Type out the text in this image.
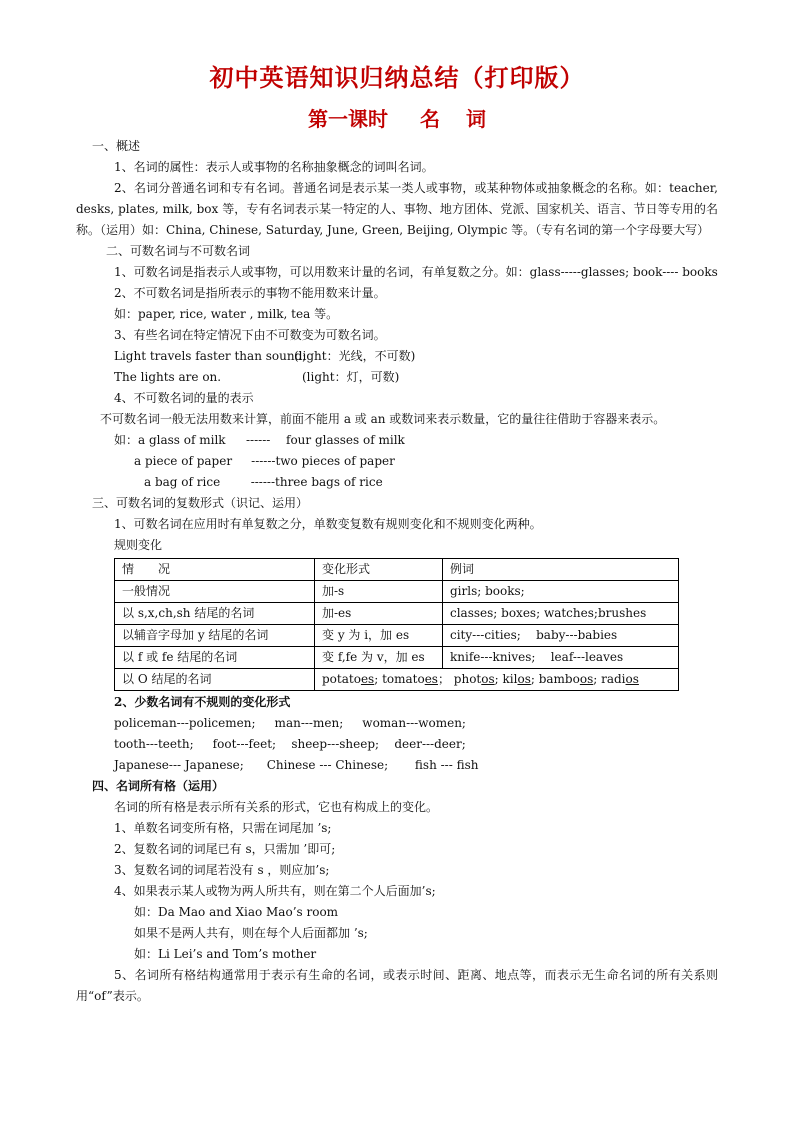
初中英语知识归纳总结（打印版）
第一课时 名 词

一、概述

1、名词的属性：表示人或事物的名称抽象概念的词叫名词。

2、名词分普通名词和专有名词。普通名词是表示某一类人或事物，或某种物体或抽象概念的名称。如：teacher, desks, plates, milk, box 等，专有名词表示某一特定的人、事物、地方团体、党派、国家机关、语言、节日等专用的名称。（运用）如：China, Chinese, Saturday, June, Green, Beijing, Olympic 等。（专有名词的第一个字母要大写）

二、可数名词与不可数名词

1、可数名词是指表示人或事物，可以用数来计量的名词，有单复数之分。如：glass-----glasses; book---- books

2、不可数名词是指所表示的事物不能用数来计量。

如：paper, rice, water , milk, tea 等。

3、有些名词在特定情况下由不可数变为可数名词。

Light travels faster than sound;(light：光线，不可数)

The lights are on.	(light：灯，可数)

4、不可数名词的量的表示

不可数名词一般无法用数来计算，前面不能用 a 或 an 或数词来表示数量，它的量往往借助于容器来表示。

如：a glass of milk ------ four glasses of milk

a piece of paper     ------two pieces of paper

a bag of rice        ------three bags of rice

三、可数名词的复数形式（识记、运用）

1、可数名词在应用时有单复数之分，单数变复数有规则变化和不规则变化两种。

规则变化

情　　况	变化形式	例词
一般情况	加-s	girls; books;
以 s,x,ch,sh 结尾的名词	加-es	classes; boxes; watches;brushes
以辅音字母加 y 结尾的名词	变 y 为 i，加 es	city---cities;    baby---babies
以 f 或 fe 结尾的名词	变 f,fe 为 v，加 es	knife---knives;    leaf---leaves
以 O 结尾的名词	potatoes; tomatoes； photos; kilos; bamboos; radios	

2、少数名词有不规则的变化形式

policeman---policemen;     man---men;     woman---women;

tooth---teeth;     foot---feet;    sheep---sheep;    deer---deer;

Japanese--- Japanese;      Chinese --- Chinese;       fish --- fish

四、名词所有格（运用）

名词的所有格是表示所有关系的形式，它也有构成上的变化。

1、单数名词变所有格，只需在词尾加 ’s;

2、复数名词的词尾已有 s，只需加 ’即可;

3、复数名词的词尾若没有 s ，则应加’s;

4、如果表示某人或物为两人所共有，则在第二个人后面加’s;

如：Da Mao and Xiao Mao’s room

如果不是两人共有，则在每个人后面都加 ’s;

如：Li Lei’s and Tom’s mother

5、名词所有格结构通常用于表示有生命的名词，或表示时间、距离、地点等，而表示无生命名词的所有关系则用“of”表示。
